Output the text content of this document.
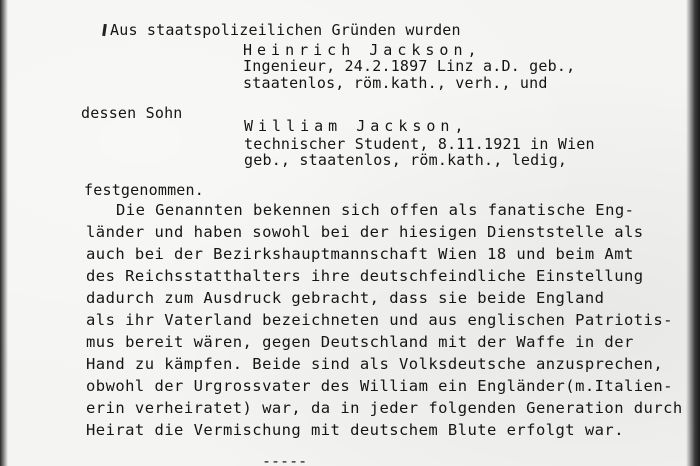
Aus staatspolizeilichen Gründen wurden
Heinrich Jackson,
Ingenieur, 24.2.1897 Linz a.D. geb.,
staatenlos, röm.kath., verh., und
dessen Sohn
William Jackson,
technischer Student, 8.11.1921 in Wien
geb., staatenlos, röm.kath., ledig,
festgenommen.
Die Genannten bekennen sich offen als fanatische Eng-
länder und haben sowohl bei der hiesigen Dienststelle als
auch bei der Bezirkshauptmannschaft Wien 18 und beim Amt
des Reichsstatthalters ihre deutschfeindliche Einstellung
dadurch zum Ausdruck gebracht, dass sie beide England
als ihr Vaterland bezeichneten und aus englischen Patriotis-
mus bereit wären, gegen Deutschland mit der Waffe in der
Hand zu kämpfen. Beide sind als Volksdeutsche anzusprechen,
obwohl der Urgrossvater des William ein Engländer(m.Italien-
erin verheiratet) war, da in jeder folgenden Generation durch
Heirat die Vermischung mit deutschem Blute erfolgt war.
-----
